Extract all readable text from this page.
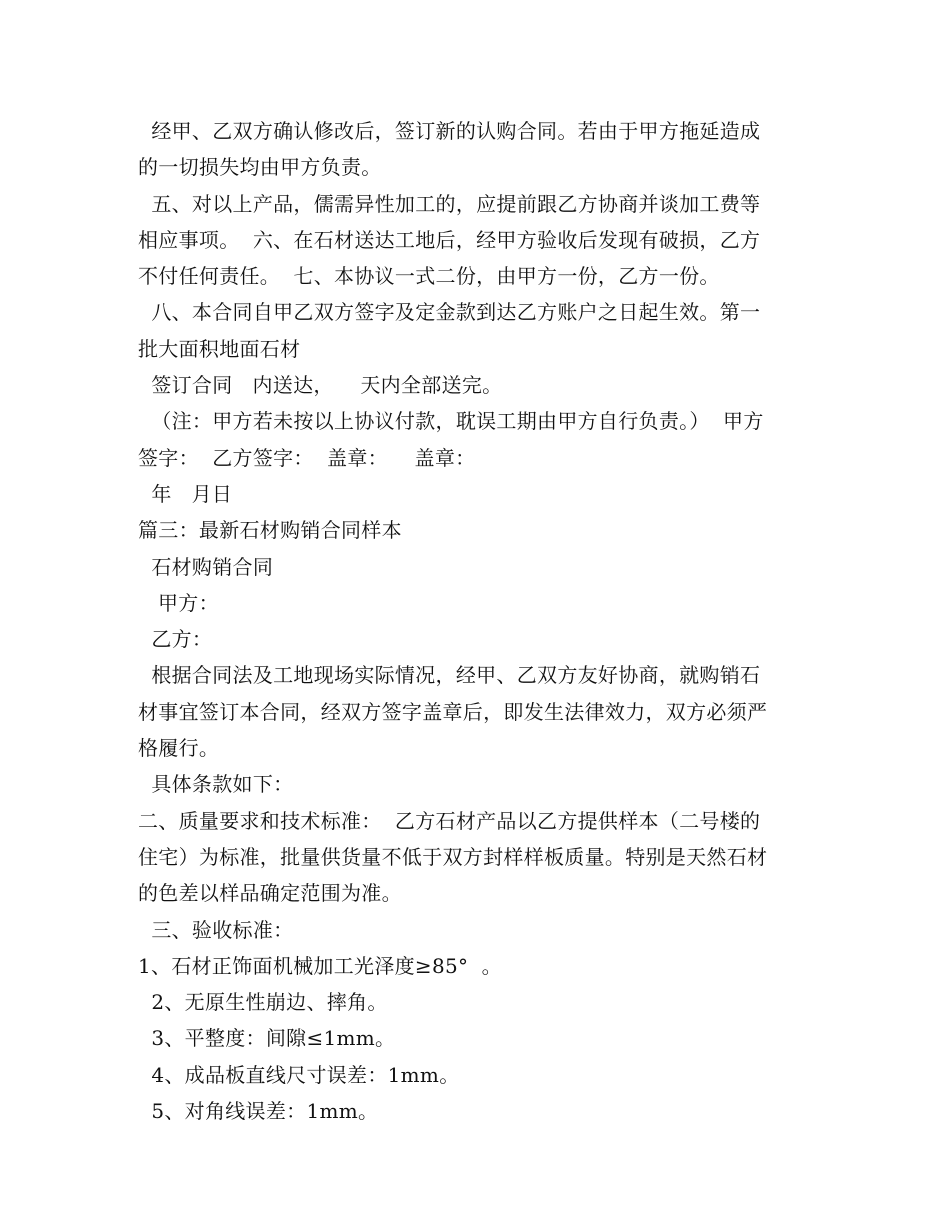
经甲、乙双方确认修改后，签订新的认购合同。若由于甲方拖延造成
的一切损失均由甲方负责。
五、对以上产品，儒需异性加工的，应提前跟乙方协商并谈加工费等
相应事项。  六、在石材送达工地后，经甲方验收后发现有破损，乙方
不付任何责任。  七、本协议一式二份，由甲方一份，乙方一份。
八、本合同自甲乙双方签字及定金款到达乙方账户之日起生效。第一
批大面积地面石材
签订合同   内送达，    天内全部送完。
（注：甲方若未按以上协议付款，耽误工期由甲方自行负责。）  甲方
签字：  乙方签字：  盖章：    盖章：
年   月日
篇三：最新石材购销合同样本
石材购销合同
甲方：
乙方：
根据合同法及工地现场实际情况，经甲、乙双方友好协商，就购销石
材事宜签订本合同，经双方签字盖章后，即发生法律效力，双方必须严
格履行。
具体条款如下：
二、质量要求和技术标准：  乙方石材产品以乙方提供样本（二号楼的
住宅）为标准，批量供货量不低于双方封样样板质量。特别是天然石材
的色差以样品确定范围为准。
三、验收标准：
1、石材正饰面机械加工光泽度≥85°  。
2、无原生性崩边、摔角。
3、平整度：间隙≤1mm。
4、成品板直线尺寸误差：1mm。
5、对角线误差：1mm。
